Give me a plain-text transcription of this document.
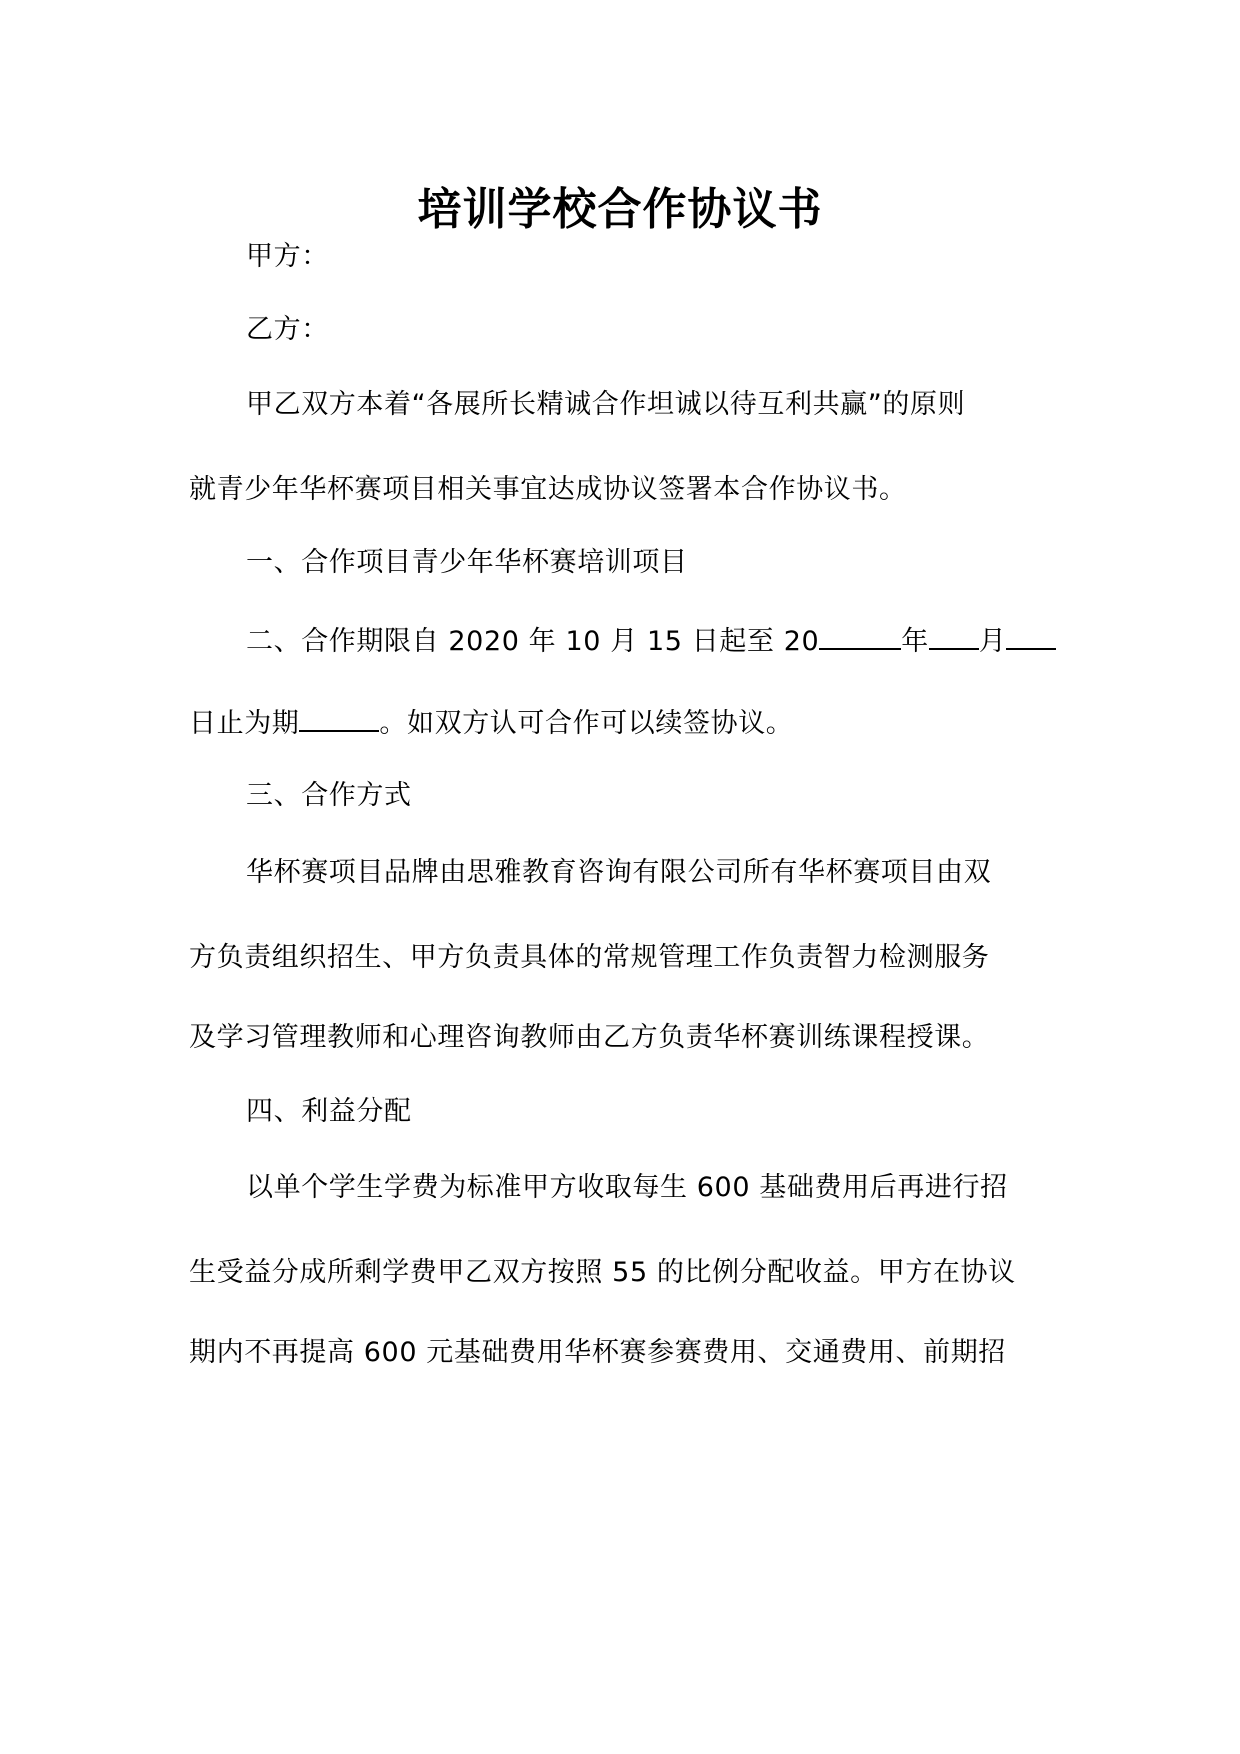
培训学校合作协议书
甲方：
乙方：
甲乙双方本着“各展所长精诚合作坦诚以待互利共赢”的原则
就青少年华杯赛项目相关事宜达成协议签署本合作协议书。
一、合作项目青少年华杯赛培训项目
二、合作期限自 2020 年 10 月 15 日起至 20	年 月
日止为期	。如双方认可合作可以续签协议。
三、合作方式
华杯赛项目品牌由思雅教育咨询有限公司所有华杯赛项目由双
方负责组织招生、甲方负责具体的常规管理工作负责智力检测服务
及学习管理教师和心理咨询教师由乙方负责华杯赛训练课程授课。
四、利益分配
以单个学生学费为标准甲方收取每生 600 基础费用后再进行招
生受益分成所剩学费甲乙双方按照 55 的比例分配收益。甲方在协议
期内不再提高 600 元基础费用华杯赛参赛费用、交通费用、前期招
